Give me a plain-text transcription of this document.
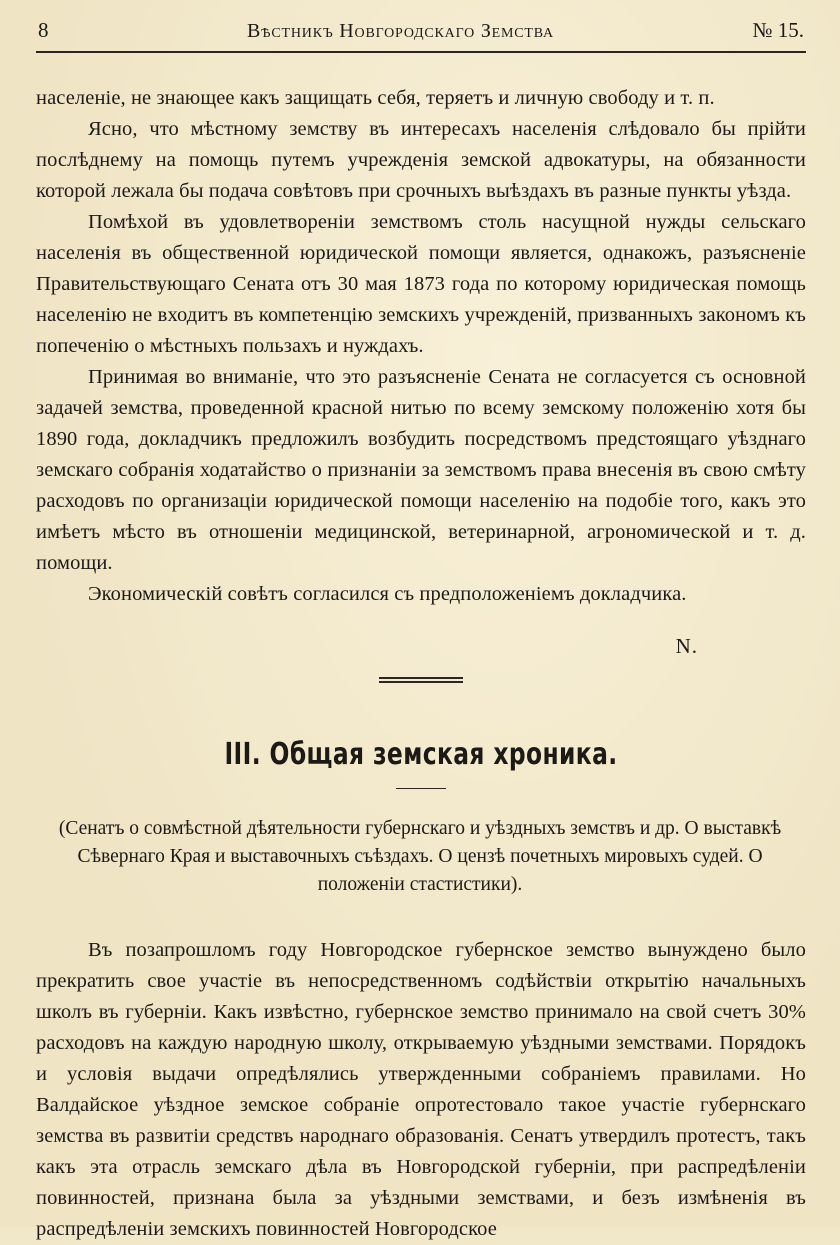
8	Вѣстникъ Новгородскаго Земства	№ 15.

населеніе, не знающее какъ защищать себя, теряетъ и личную свободу и т. п.

Ясно, что мѣстному земству въ интересахъ населенія слѣдовало бы прійти послѣднему на помощь путемъ учрежденія земской адвокатуры, на обязанности которой лежала бы подача совѣтовъ при срочныхъ выѣздахъ въ разные пункты уѣзда.

Помѣхой въ удовлетвореніи земствомъ столь насущной нужды сельскаго населенія въ общественной юридической помощи является, однакожъ, разъясненіе Правительствующаго Сената отъ 30 мая 1873 года по которому юридическая помощь населенію не входитъ въ компетенцію земскихъ учрежденій, призванныхъ закономъ къ попеченію о мѣстныхъ пользахъ и нуждахъ.

Принимая во вниманіе, что это разъясненіе Сената не согласуется съ основной задачей земства, проведенной красной нитью по всему земскому положенію хотя бы 1890 года, докладчикъ предложилъ возбудить посредствомъ предстоящаго уѣзднаго земскаго собранія ходатайство о признаніи за земствомъ права внесенія въ свою смѣту расходовъ по организаціи юридической помощи населенію на подобіе того, какъ это имѣетъ мѣсто въ отношеніи медицинской, ветеринарной, агрономической и т. д. помощи.

Экономическій совѣтъ согласился съ предположеніемъ докладчика.

N.
III. Общая земская хроника.
(Сенатъ о совмѣстной дѣятельности губернскаго и уѣздныхъ земствъ и др. О выставкѣ Сѣвернаго Края и выставочныхъ съѣздахъ. О цензѣ почетныхъ мировыхъ судей. О положеніи стастистики).

Въ позапрошломъ году Новгородское губернское земство вынуждено было прекратить свое участіе въ непосредственномъ содѣйствіи открытію начальныхъ школъ въ губерніи. Какъ извѣстно, губернское земство принимало на свой счетъ 30% расходовъ на каждую народную школу, открываемую уѣздными земствами. Порядокъ и условія выдачи опредѣлялись утвержденными собраніемъ правилами. Но Валдайское уѣздное земское собраніе опротестовало такое участіе губернскаго земства въ развитіи средствъ народнаго образованія. Сенатъ утвердилъ протестъ, такъ какъ эта отрасль земскаго дѣла въ Новгородской губерніи, при распредѣленіи повинностей, признана была за уѣздными земствами, и безъ измѣненія въ распредѣленіи земскихъ повинностей Новгородское
